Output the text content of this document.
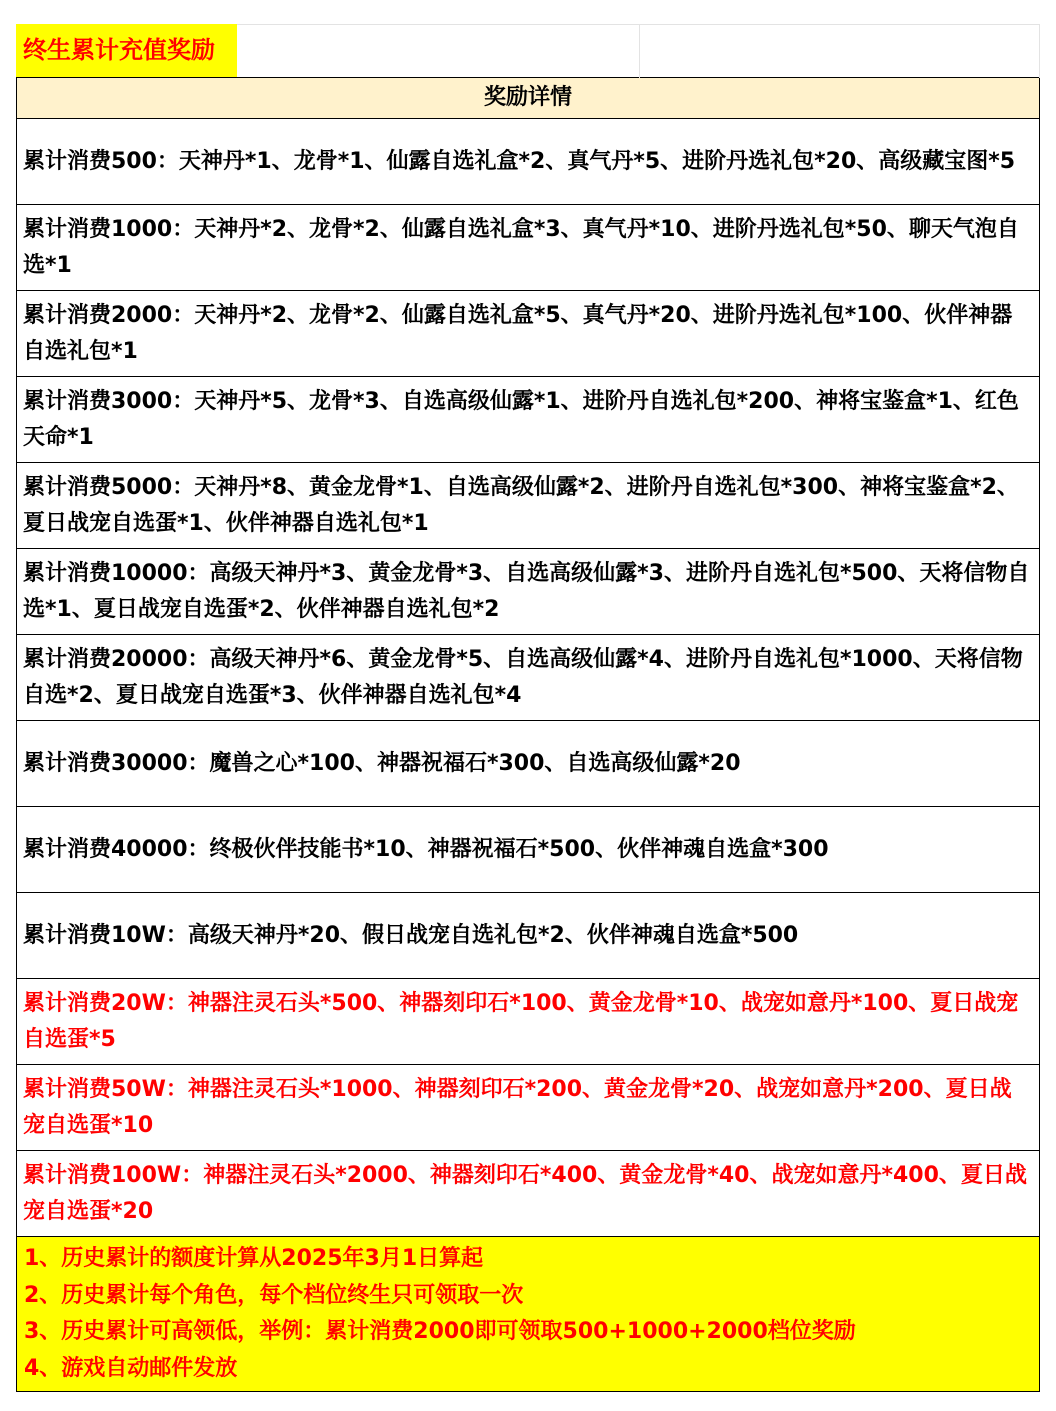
终生累计充值奖励
奖励详情
累计消费500：天神丹*1、龙骨*1、仙露自选礼盒*2、真气丹*5、进阶丹选礼包*20、高级藏宝图*5
累计消费1000：天神丹*2、龙骨*2、仙露自选礼盒*3、真气丹*10、进阶丹选礼包*50、聊天气泡自选*1
累计消费2000：天神丹*2、龙骨*2、仙露自选礼盒*5、真气丹*20、进阶丹选礼包*100、伙伴神器自选礼包*1
累计消费3000：天神丹*5、龙骨*3、自选高级仙露*1、进阶丹自选礼包*200、神将宝鉴盒*1、红色天命*1
累计消费5000：天神丹*8、黄金龙骨*1、自选高级仙露*2、进阶丹自选礼包*300、神将宝鉴盒*2、夏日战宠自选蛋*1、伙伴神器自选礼包*1
累计消费10000：高级天神丹*3、黄金龙骨*3、自选高级仙露*3、进阶丹自选礼包*500、天将信物自选*1、夏日战宠自选蛋*2、伙伴神器自选礼包*2
累计消费20000：高级天神丹*6、黄金龙骨*5、自选高级仙露*4、进阶丹自选礼包*1000、天将信物自选*2、夏日战宠自选蛋*3、伙伴神器自选礼包*4
累计消费30000：魔兽之心*100、神器祝福石*300、自选高级仙露*20
累计消费40000：终极伙伴技能书*10、神器祝福石*500、伙伴神魂自选盒*300
累计消费10W：高级天神丹*20、假日战宠自选礼包*2、伙伴神魂自选盒*500
累计消费20W：神器注灵石头*500、神器刻印石*100、黄金龙骨*10、战宠如意丹*100、夏日战宠自选蛋*5
累计消费50W：神器注灵石头*1000、神器刻印石*200、黄金龙骨*20、战宠如意丹*200、夏日战宠自选蛋*10
累计消费100W：神器注灵石头*2000、神器刻印石*400、黄金龙骨*40、战宠如意丹*400、夏日战宠自选蛋*20
1、历史累计的额度计算从2025年3月1日算起
2、历史累计每个角色，每个档位终生只可领取一次
3、历史累计可高领低，举例：累计消费2000即可领取500+1000+2000档位奖励
4、游戏自动邮件发放
